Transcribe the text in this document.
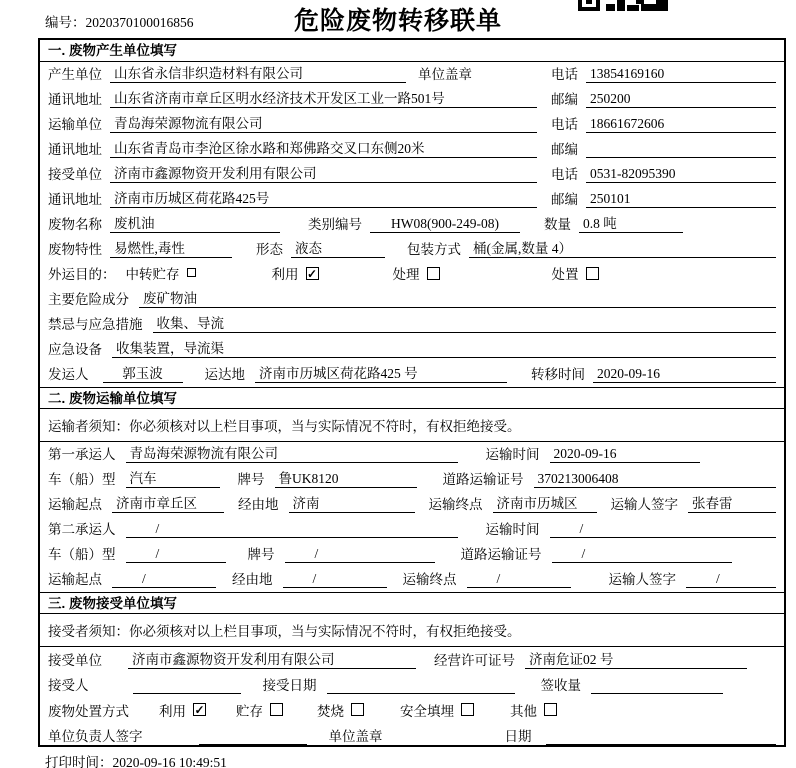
编号：2020370100016856	危险废物转移联单
一. 废物产生单位填写
产生单位 山东省永信非织造材料有限公司	单位盖章	电话 13854169160
通讯地址 山东省济南市章丘区明水经济技术开发区工业一路501号	邮编 250200
运输单位 青岛海荣源物流有限公司	电话 18661672606
通讯地址 山东省青岛市李沧区徐水路和郑佛路交叉口东侧20米	邮编
接受单位 济南市鑫源物资开发利用有限公司	电话 0531-82095390
通讯地址 济南市历城区荷花路425号	邮编 250101
废物名称 废机油	类别编号	HW08(900-249-08)	数量 0.8 吨
废物特性 易燃性,毒性	形态 液态	包装方式 桶(金属,数量 4）
外运目的： 中转贮存	利用 ✓	处理	处置
主要危险成分 废矿物油
禁忌与应急措施 收集、导流
应急设备 收集装置，导流渠
发运人	郭玉波	运达地 济南市历城区荷花路425 号	转移时间 2020-09-16
二. 废物运输单位填写
运输者须知：你必须核对以上栏目事项，当与实际情况不符时，有权拒绝接受。
第一承运人 青岛海荣源物流有限公司	运输时间 2020-09-16
车（船）型 汽车	牌号 鲁UK8120	道路运输证号 370213006408
运输起点 济南市章丘区	经由地 济南	运输终点 济南市历城区	运输人签字 张春雷
第二承运人	/	运输时间	/
车（船）型	/	牌号	/	道路运输证号	/
运输起点	/	经由地	/	运输终点	/	运输人签字	/
三. 废物接受单位填写
接受者须知：你必须核对以上栏目事项，当与实际情况不符时，有权拒绝接受。
接受单位 济南市鑫源物资开发利用有限公司	经营许可证号 济南危证02 号
接受人	接受日期	签收量
废物处置方式 利用 ✓ 贮存	焚烧	安全填埋	其他
单位负责人签字	单位盖章	日期
打印时间：2020-09-16 10:49:51
